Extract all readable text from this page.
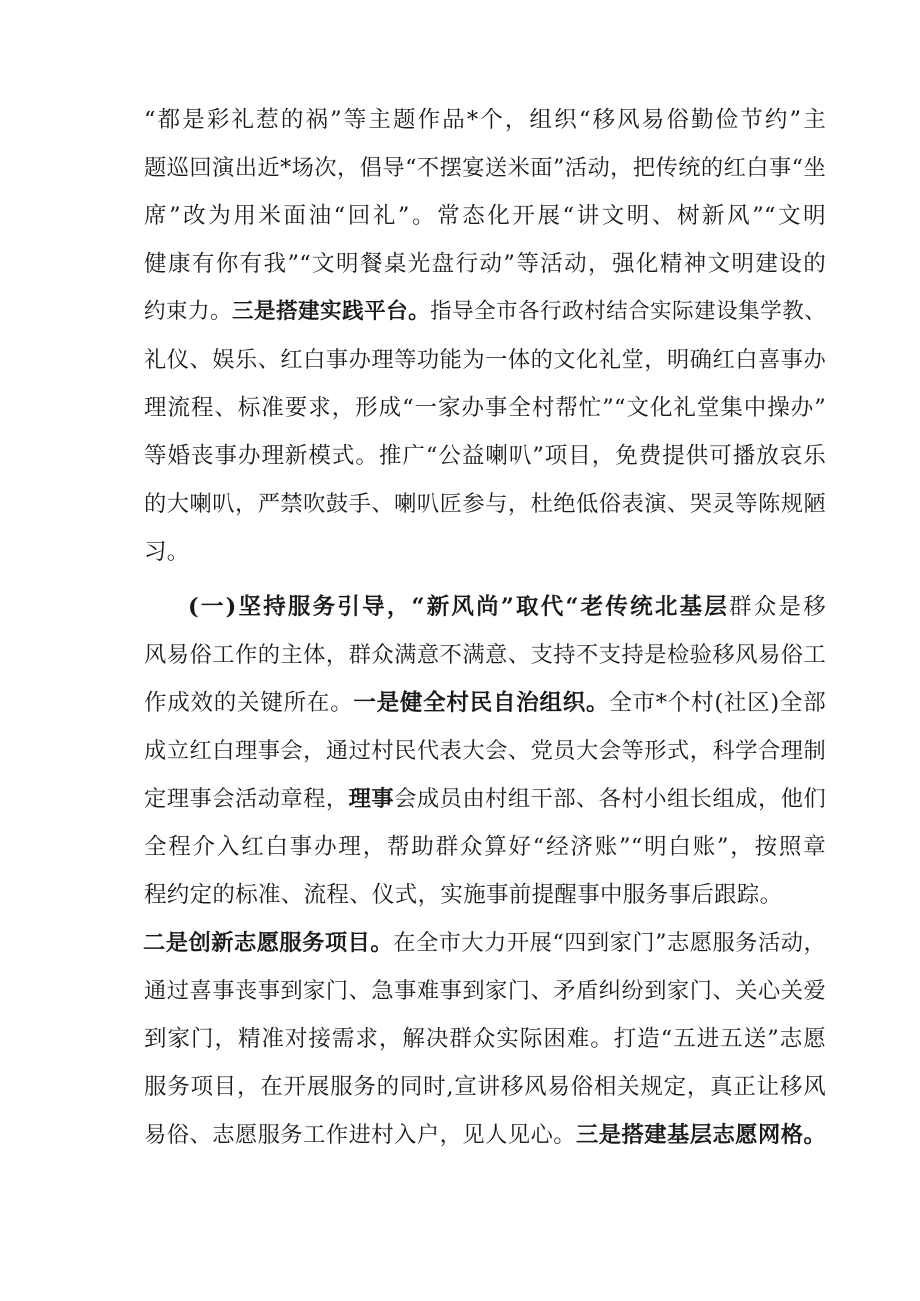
“都是彩礼惹的祸”等主题作品*个，组织“移风易俗勤俭节约”主
题巡回演出近*场次，倡导“不摆宴送米面”活动，把传统的红白事“坐
席”改为用米面油“回礼”。常态化开展“讲文明、树新风”“文明
健康有你有我”“文明餐桌光盘行动”等活动，强化精神文明建设的
约束力。三是搭建实践平台。指导全市各行政村结合实际建设集学教、
礼仪、娱乐、红白事办理等功能为一体的文化礼堂，明确红白喜事办
理流程、标准要求，形成“一家办事全村帮忙”“文化礼堂集中操办”
等婚丧事办理新模式。推广“公益喇叭”项目，免费提供可播放哀乐
的大喇叭，严禁吹鼓手、喇叭匠参与，杜绝低俗表演、哭灵等陈规陋
习。
(一)坚持服务引导，“新风尚”取代“老传统北基层群众是移
风易俗工作的主体，群众满意不满意、支持不支持是检验移风易俗工
作成效的关键所在。一是健全村民自治组织。全市*个村(社区)全部
成立红白理事会，通过村民代表大会、党员大会等形式，科学合理制
定理事会活动章程，理事会成员由村组干部、各村小组长组成，他们
全程介入红白事办理，帮助群众算好“经济账”“明白账”，按照章
程约定的标准、流程、仪式，实施事前提醒事中服务事后跟踪。
二是创新志愿服务项目。在全市大力开展“四到家门”志愿服务活动，
通过喜事丧事到家门、急事难事到家门、矛盾纠纷到家门、关心关爱
到家门，精准对接需求，解决群众实际困难。打造“五进五送”志愿
服务项目，在开展服务的同时,宣讲移风易俗相关规定，真正让移风
易俗、志愿服务工作进村入户，见人见心。三是搭建基层志愿网格。
